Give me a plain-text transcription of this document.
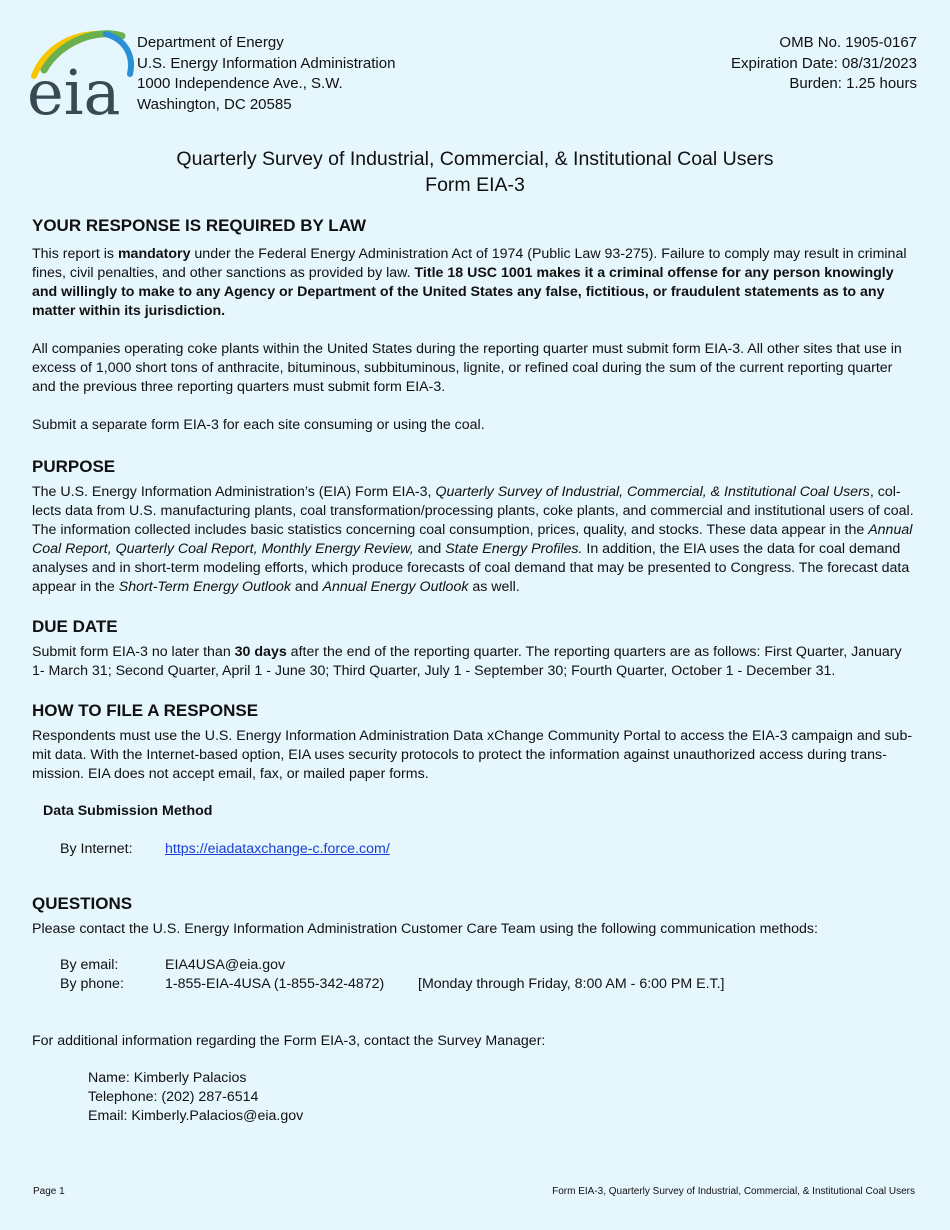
eia
Department of Energy
U.S. Energy Information Administration
1000 Independence Ave., S.W.
Washington, DC 20585
OMB No. 1905-0167
Expiration Date: 08/31/2023
Burden: 1.25 hours
Quarterly Survey of Industrial, Commercial, & Institutional Coal Users
Form EIA-3
YOUR RESPONSE IS REQUIRED BY LAW

This report is mandatory under the Federal Energy Administration Act of 1974 (Public Law 93-275). Failure to comply may result in criminal fines, civil penalties, and other sanctions as provided by law. Title 18 USC 1001 makes it a criminal offense for any person knowingly and willingly to make to any Agency or Department of the United States any false, fictitious, or fraudulent statements as to any matter within its jurisdiction.

All companies operating coke plants within the United States during the reporting quarter must submit form EIA-3. All other sites that use in excess of 1,000 short tons of anthracite, bituminous, subbituminous, lignite, or refined coal during the sum of the current reporting quarter and the previous three reporting quarters must submit form EIA-3.

Submit a separate form EIA-3 for each site consuming or using the coal.

PURPOSE

The U.S. Energy Information Administration’s (EIA) Form EIA-3, Quarterly Survey of Industrial, Commercial, & Institutional Coal Users, collects data from U.S. manufacturing plants, coal transformation/processing plants, coke plants, and commercial and institutional users of coal. The information collected includes basic statistics concerning coal consumption, prices, quality, and stocks. These data appear in the Annual Coal Report, Quarterly Coal Report, Monthly Energy Review, and State Energy Profiles. In addition, the EIA uses the data for coal demand analyses and in short-term modeling efforts, which produce forecasts of coal demand that may be presented to Congress. The forecast data appear in the Short-Term Energy Outlook and Annual Energy Outlook as well.

DUE DATE

Submit form EIA-3 no later than 30 days after the end of the reporting quarter. The reporting quarters are as follows: First Quarter, January 1- March 31; Second Quarter, April 1 - June 30; Third Quarter, July 1 - September 30; Fourth Quarter, October 1 - December 31.

HOW TO FILE A RESPONSE

Respondents must use the U.S. Energy Information Administration Data xChange Community Portal to access the EIA-3 campaign and submit data. With the Internet-based option, EIA uses security protocols to protect the information against unauthorized access during transmission. EIA does not accept email, fax, or mailed paper forms.

Data Submission Method
By Internet:	https://eiadataxchange-c.force.com/
QUESTIONS

Please contact the U.S. Energy Information Administration Customer Care Team using the following communication methods:

By email:	EIA4USA@eia.gov
By phone:	1-855-EIA-4USA (1-855-342-4872)	[Monday through Friday, 8:00 AM - 6:00 PM E.T.]

For additional information regarding the Form EIA-3, contact the Survey Manager:

Name: Kimberly Palacios
Telephone: (202) 287-6514
Email: Kimberly.Palacios@eia.gov
Page 1	Form EIA-3, Quarterly Survey of Industrial, Commercial, & Institutional Coal Users
